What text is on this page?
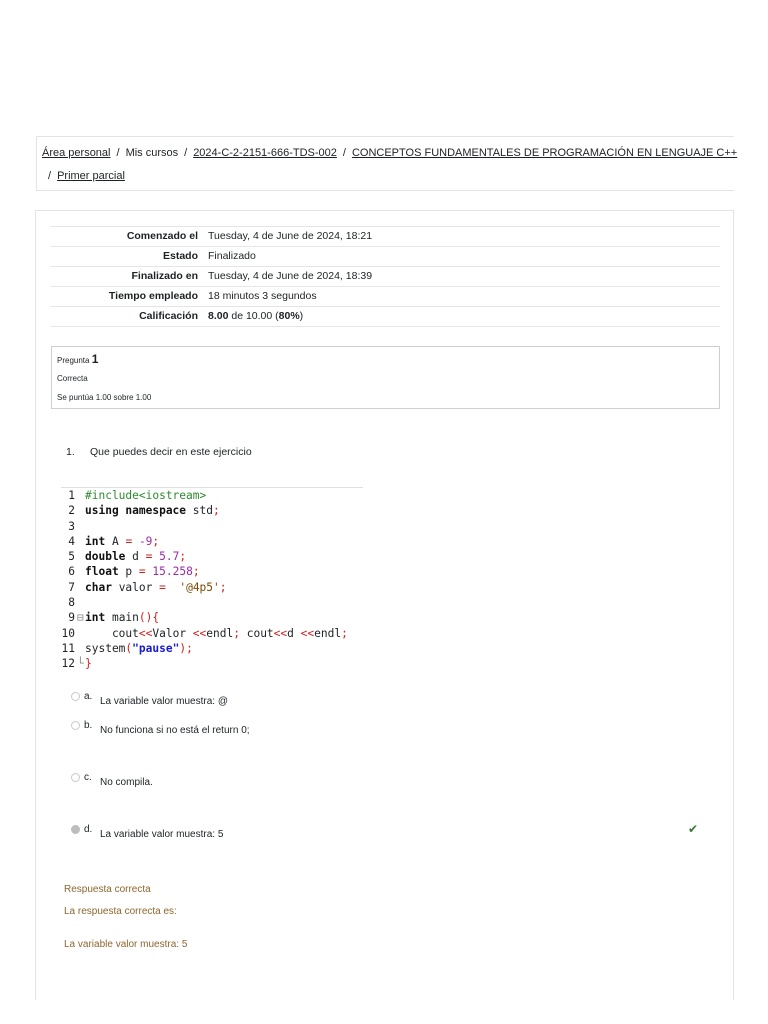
Área personal / Mis cursos / 2024-C-2-2151-666-TDS-002 / CONCEPTOS FUNDAMENTALES DE PROGRAMACIÓN EN LENGUAJE C++
/ Primer parcial
Comenzado el	Tuesday, 4 de June de 2024, 18:21
Estado	Finalizado
Finalizado en	Tuesday, 4 de June de 2024, 18:39
Tiempo empleado	18 minutos 3 segundos
Calificación	8.00 de 10.00 (80%)
Pregunta 1
Correcta
Se puntúa 1.00 sobre 1.00
1. Que puedes decir en este ejercicio
1 #include<iostream>
2 using namespace std;
3
4 int A = -9;
5 double d = 5.7;
6 float p = 15.258;
7 char valor = '@4p5';
8
9 ⊟int main(){
10     cout<<Valor <<endl; cout<<d <<endl;
11 system("pause");
12 └}
a. La variable valor muestra: @
b. No funciona si no está el return 0;
c. No compila.
d. La variable valor muestra: 5	✔
Respuesta correcta
La respuesta correcta es:
La variable valor muestra: 5
